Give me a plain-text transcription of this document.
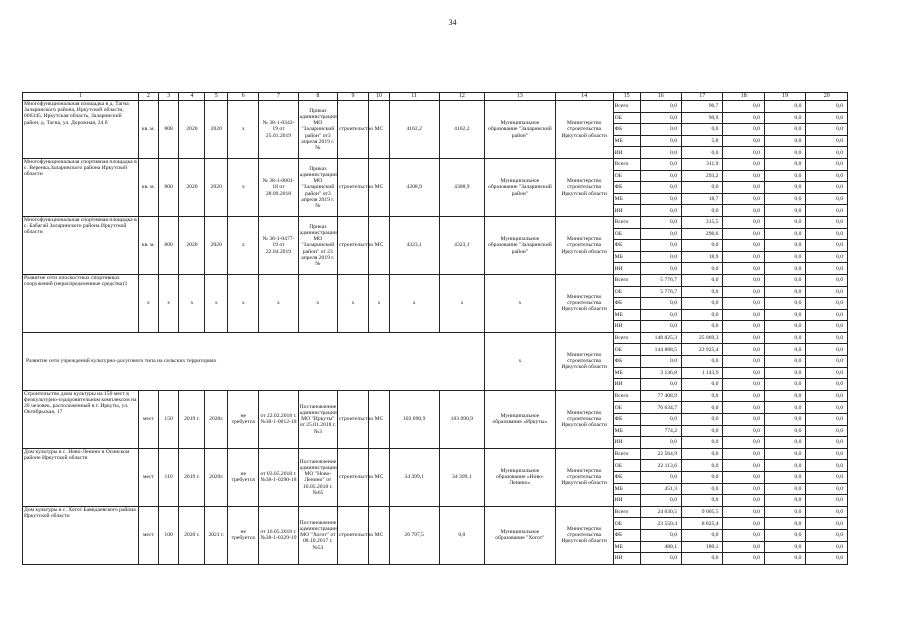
34
1	2	3	4	5	6	7	8	9	10	11	12	13	14	15	16	17	18	19	20
Многофункциональная площадка в д. Тагна Заларинского района, Иркутской области, 666345, Иркутская область, Заларинский район, д. Тагна, ул. Дорожная, 24 б	кв. м.	808	2020	2020	x	№ 38-1-0342-19 от 25.01.2019	Приказ администрации МО "Заларинский район" от3 апреля 2019 г. №	строительство	МС	4162,2	4162,2	Муниципальное образование "Заларинский район"	Министерство строительства Иркутской области	Всего	0,0	96,7	0,0	0,0	0,0
														ОБ	0,0	90,9	0,0	0,0	0,0
														ФБ	0,0	0,0	0,0	0,0	0,0
														МБ	0,0	5,8	0,0	0,0	0,0
														ИИ	0,0	0,0	0,0	0,0	0,0
Многофункциональная спортивная площадка в с. Веренка,Заларинского района Иркутской области	кв. м.	800	2020	2020	x	№ 38-1-0801-18 от 28.09.2018	Приказ администрации МО "Заларинский район" от3 апреля 2019 г. №	строительство	МС	4308,9	4308,9	Муниципальное образование "Заларинский район"	Министерство строительства Иркутской области	Всего	0,0	311,9	0,0	0,0	0,0
														ОБ	0,0	293,2	0,0	0,0	0,0
														ФБ	0,0	0,0	0,0	0,0	0,0
														МБ	0,0	18,7	0,0	0,0	0,0
														ИИ	0,0	0,0	0,0	0,0	0,0
Многофункциональная спортивная площадка в с. Бабагай Заларинского района Иркутской области	кв. м.	800	2020	2020	x	№ 38-1-0477-19 от 22.04.2019	Приказ администрации МО "Заларинский район" от 23 апреля 2019 г. №	строительство	МС	4323,1	4323,1	Муниципальное образование "Заларинский район"	Министерство строительства Иркутской области	Всего	0,0	315,5	0,0	0,0	0,0
														ОБ	0,0	296,6	0,0	0,0	0,0
														ФБ	0,0	0,0	0,0	0,0	0,0
														МБ	0,0	18,9	0,0	0,0	0,0
														ИИ	0,0	0,0	0,0	0,0	0,0
Развитие сети плоскостных спортивных сооружений (нераспределенные средства)3	x	x	x	x	x	x	x	x	x	x	x	x	Министерство строительства Иркутской области	Всего	5 776,7	0,0	0,0	0,0	0,0
														ОБ	5 776,7	0,0	0,0	0,0	0,0
														ФБ	0,0	0,0	0,0	0,0	0,0
														МБ	0,0	0,0	0,0	0,0	0,0
														ИИ	0,0	0,0	0,0	0,0	0,0
Развитие сети учреждений культурно-досугового типа на сельских территориях												x	Министерство строительства Иркутской области	Всего	148 025,3	25 069,3	0,0	0,0	0,0
														ОБ	144 888,5	23 925,4	0,0	0,0	0,0
														ФБ	0,0	0,0	0,0	0,0	0,0
														МБ	3 136,8	1 143,9	0,0	0,0	0,0
														ИИ	0,0	0,0	0,0	0,0	0,0
Строительство дома культуры на 150 мест в физкультурно-оздоровительном комплексом на 20 человек, расположенный в г. Иркуты, ул. Октябрьская, 17	мест	150	2019 г.	2020г.	не требуется	от 22.02.2018 г. №38-1-0012-18	Постановление администрации МО "Иркуты" от 25.01.2018 г. №3	строительство	МС	103 090,9	103 090,9	Муниципальное образование «Иркуты»	Министерство строительства Иркутской области	Всего	77 408,9	0,0	0,0	0,0	0,0
														ОБ	76 634,7	0,0	0,0	0,0	0,0
														ФБ	0,0	0,0	0,0	0,0	0,0
														МБ	774,2	0,0	0,0	0,0	0,0
														ИИ	0,0	0,0	0,0	0,0	0,0
Дом культуры в с. Ново-Ленино в Осинском районе Иркутской области	мест	110	2019 г.	2020г.	не требуется	от 03.05.2018 г. №38-1-0290-18	Постановление администрации МО "Ново-Ленино" от 10.05.2018 г. №65	строительство	МС	34 399,1	34 399,1	Муниципальное образование «Ново-Ленино»	Министерство строительства Иркутской области	Всего	22 564,9	0,0	0,0	0,0	0,0
														ОБ	22 113,6	0,0	0,0	0,0	0,0
														ФБ	0,0	0,0	0,0	0,0	0,0
														МБ	451,3	0,0	0,0	0,0	0,0
														ИИ	0,0	0,0	0,0	0,0	0,0
Дом культуры в с. Хогот Баяндаевского района Иркутской области	мест	100	2020 г.	2021 г.	не требуется	от 16.05.2018 г. №38-1-0329-19	Постановление администрации МО "Хогот" от 08.10.2017 г. №53	строительство	МС	26 797,5	0,0	Муниципальное образование "Хогот"	Министерство строительства Иркутской области	Всего	24 030,5	9 005,5	0,0	0,0	0,0
														ОБ	23 550,4	8 825,4	0,0	0,0	0,0
														ФБ	0,0	0,0	0,0	0,0	0,0
														МБ	480,1	180,1	0,0	0,0	0,0
														ИИ	0,0	0,0	0,0	0,0	0,0
